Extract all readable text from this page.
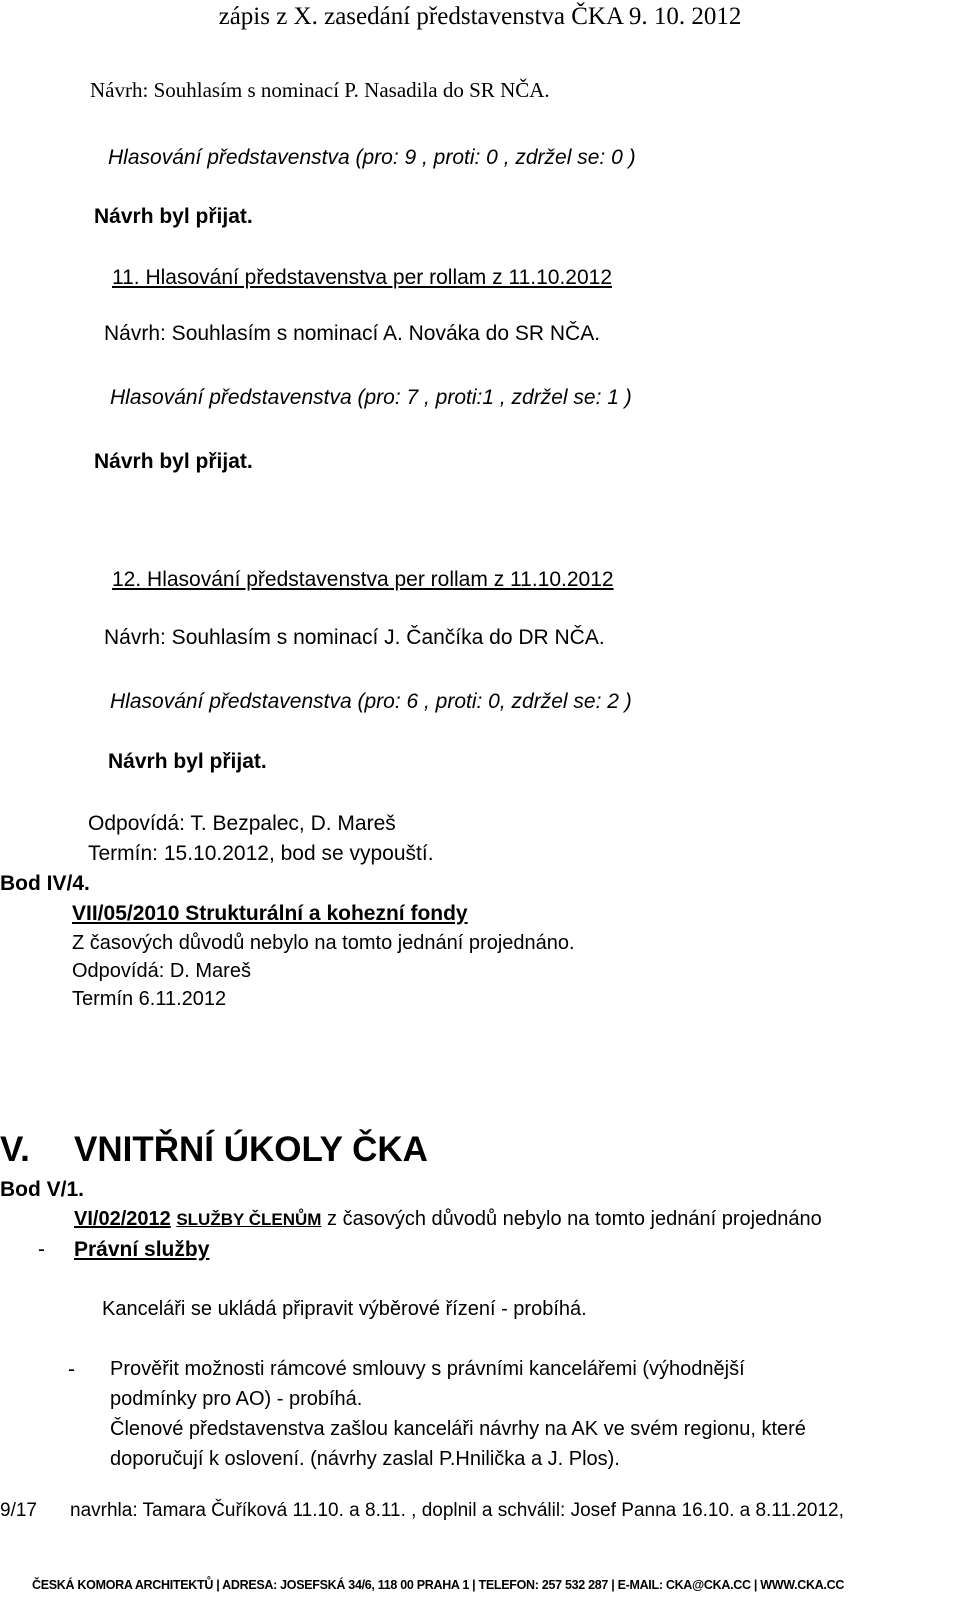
zápis z X. zasedání představenstva ČKA 9. 10. 2012
Návrh: Souhlasím s nominací P. Nasadila do SR NČA.
Hlasování představenstva (pro: 9 , proti: 0 , zdržel se: 0 )
Návrh byl přijat.
11. Hlasování představenstva per rollam z 11.10.2012
Návrh: Souhlasím s nominací A. Nováka do SR NČA.
Hlasování představenstva (pro: 7 , proti:1 , zdržel se: 1 )
Návrh byl přijat.
12. Hlasování představenstva per rollam z 11.10.2012
Návrh: Souhlasím s nominací J. Čančíka do DR NČA.
Hlasování představenstva (pro: 6 , proti: 0, zdržel se: 2 )
Návrh byl přijat.
Odpovídá: T. Bezpalec, D. Mareš
Termín: 15.10.2012, bod se vypouští.
Bod IV/4.
VII/05/2010 Strukturální a kohezní fondy
Z časových důvodů nebylo na tomto jednání projednáno.
Odpovídá: D. Mareš
Termín 6.11.2012
V. VNITŘNÍ ÚKOLY ČKA
Bod V/1.
VI/02/2012 SLUŽBY ČLENŮM z časových důvodů nebylo na tomto jednání projednáno
- Právní služby
Kanceláři se ukládá připravit výběrové řízení - probíhá.
- Prověřit možnosti rámcové smlouvy s právními kancelářemi (výhodnější
podmínky pro AO) - probíhá.
Členové představenstva zašlou kanceláři návrhy na AK ve svém regionu, které
doporučují k oslovení. (návrhy zaslal P.Hnilička a J. Plos).
9/17 navrhla: Tamara Čuříková 11.10. a 8.11. , doplnil a schválil: Josef Panna 16.10. a 8.11.2012,
ČESKÁ KOMORA ARCHITEKTŮ | ADRESA: JOSEFSKÁ 34/6, 118 00 PRAHA 1 | TELEFON: 257 532 287 | E-MAIL: CKA@CKA.CC | WWW.CKA.CC
